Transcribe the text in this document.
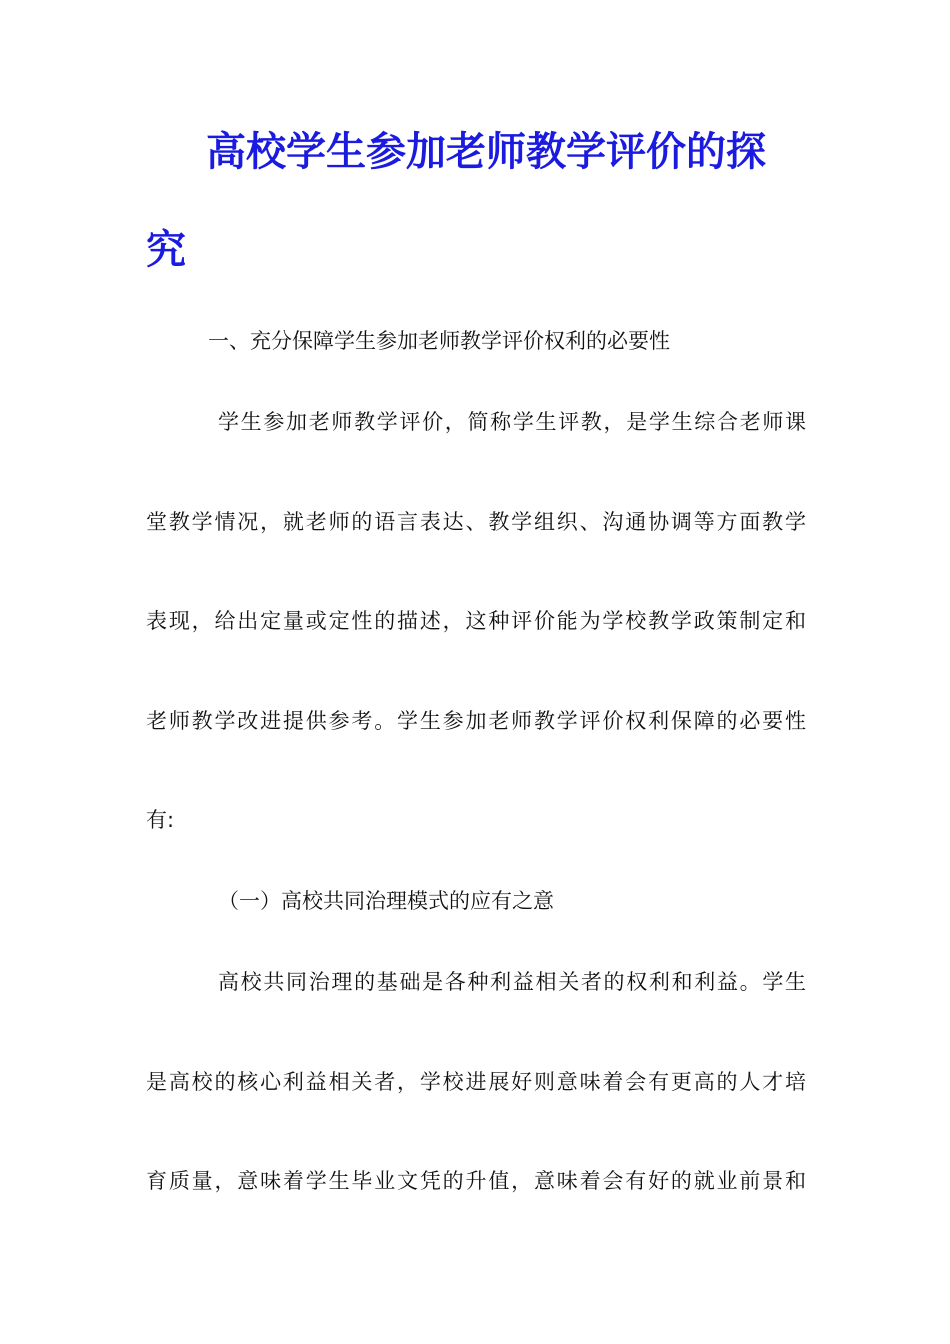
高校学生参加老师教学评价的探
究
一、充分保障学生参加老师教学评价权利的必要性
学生参加老师教学评价，简称学生评教，是学生综合老师课
堂教学情况，就老师的语言表达、教学组织、沟通协调等方面教学
表现，给出定量或定性的描述，这种评价能为学校教学政策制定和
老师教学改进提供参考。学生参加老师教学评价权利保障的必要性
有:
（一）高校共同治理模式的应有之意
高校共同治理的基础是各种利益相关者的权利和利益。学生
是高校的核心利益相关者，学校进展好则意味着会有更高的人才培
育质量，意味着学生毕业文凭的升值，意味着会有好的就业前景和
